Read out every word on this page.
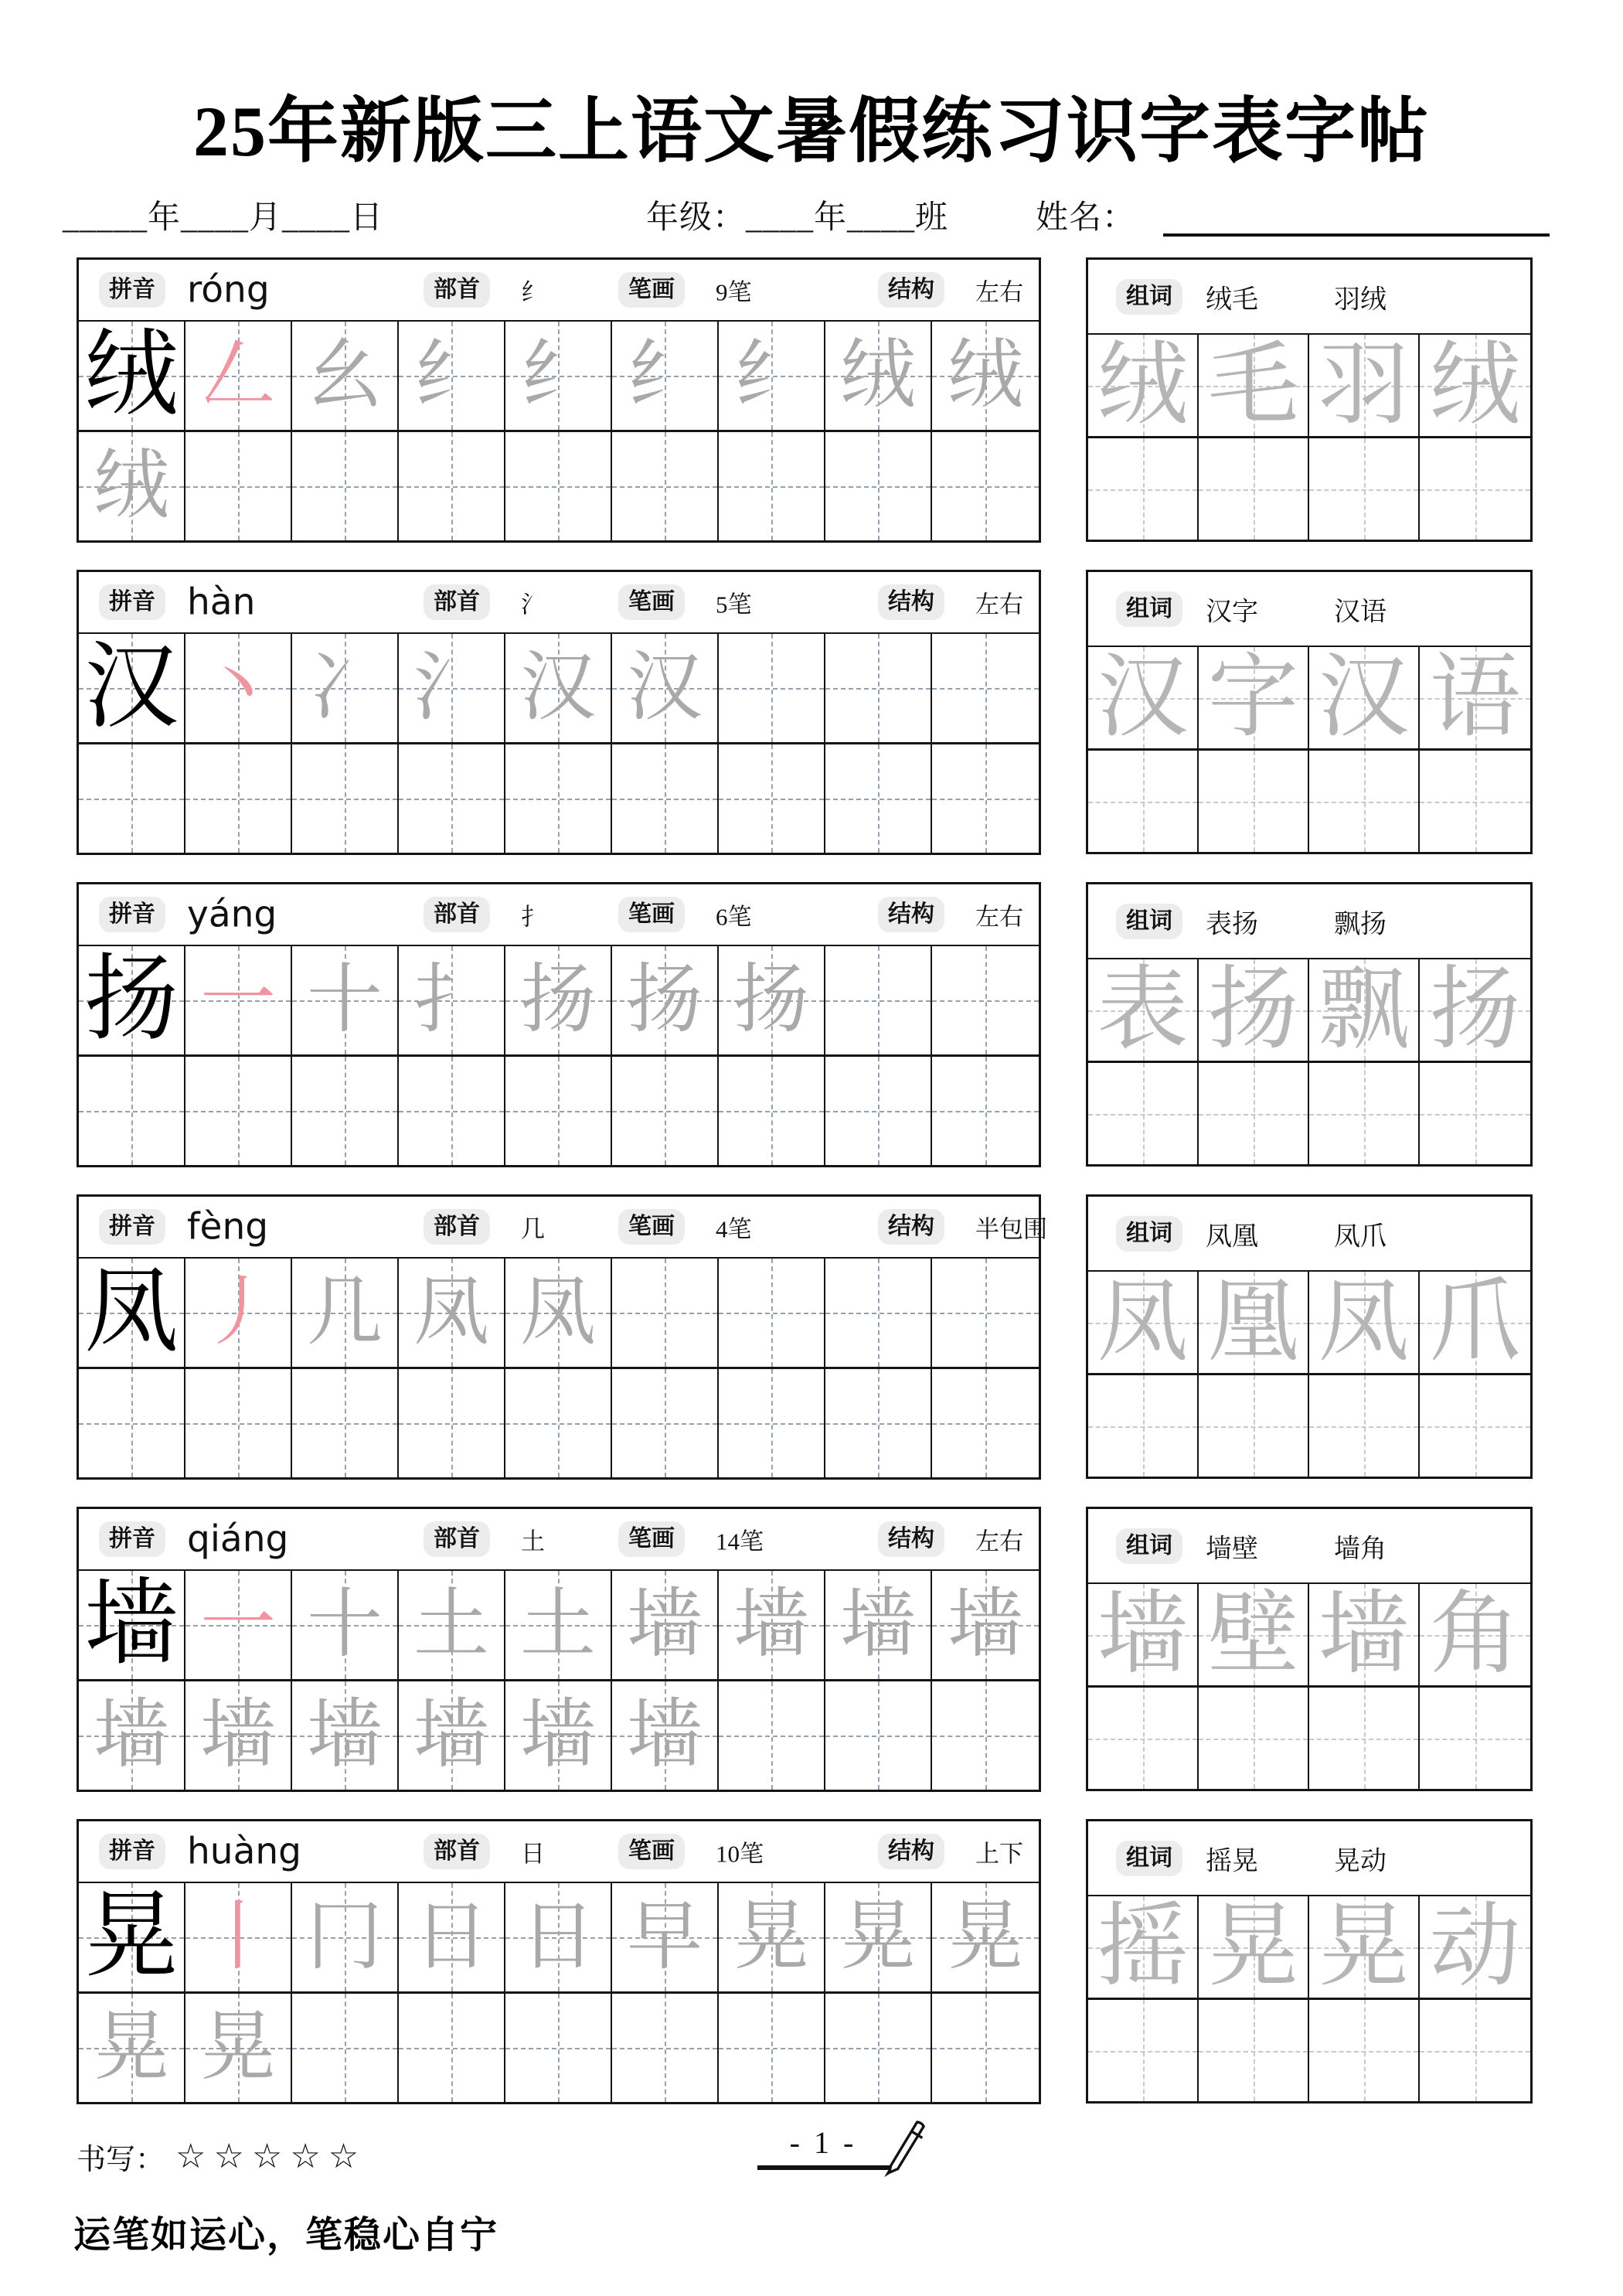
25年新版三上语文暑假练习识字表字帖
_____年____月____日	年级：____年____班	姓名：
拼音 róng	部首	纟	笔画	9笔	结构	左右
绒 𠃋 幺 纟 纟 纟 纟 绒 绒
绒
组词	绒毛	羽绒
绒 毛 羽 绒
拼音 hàn	部首	氵	笔画	5笔	结构	左右
汉 丶 冫 氵 汉 汉
组词	汉字	汉语
汉 字 汉 语
拼音 yáng	部首	扌	笔画	6笔	结构	左右
扬 一 十 扌 扬 扬 扬
组词	表扬	飘扬
表 扬 飘 扬
拼音 fèng	部首	几	笔画	4笔	结构	半包围
凤 丿 几 凤 凤
组词	凤凰	凤爪
凤 凰 凤 爪
拼音 qiáng	部首	土	笔画	14笔	结构	左右
墙 一 十 土 土 墙 墙 墙 墙
墙 墙 墙 墙 墙 墙
组词	墙壁	墙角
墙 壁 墙 角
拼音 huàng	部首	日	笔画	10笔	结构	上下
晃 丨 冂 日 日 早 晃 晃 晃
晃 晃
组词	摇晃	晃动
摇 晃 晃 动
书写： ☆☆☆☆☆	- 1 -
运笔如运心，笔稳心自宁
